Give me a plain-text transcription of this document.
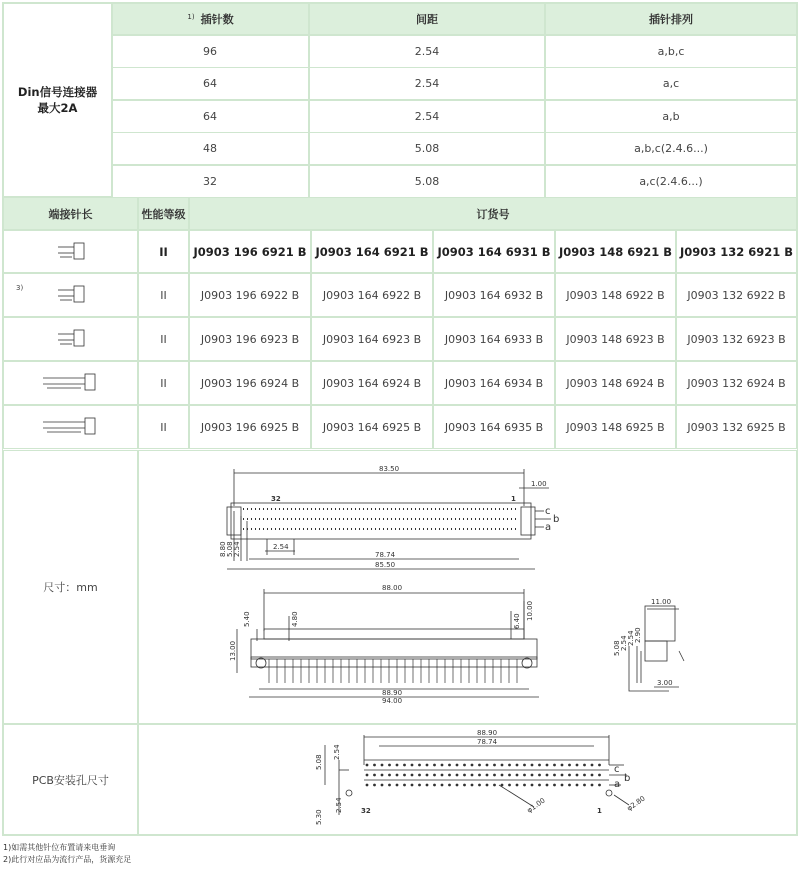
Din信号连接器
最大2A
1) 插针数	间距	插针排列
端接针长	性能等级	订货号
尺寸：mm
83.50
1.00
32	1
c
b
a
8.80 5.08 2.54	2.54
78.74
85.50
88.00
5.40	4.80	6.40
10.00
13.00
88.90
94.00
11.00
5.08 2.54 2.54 2.90
3.00
PCB安装孔尺寸
88.90
78.74
5.08
2.54
5.30
2.54	φ1.00	φ2.80
32	1
c
b
a
96	2.54	a,b,c
64	2.54	a,c
64	2.54	a,b
48	5.08	a,b,c(2.4.6...)
32	5.08	a,c(2.4.6...)
II	J0903 196 6921 B J0903 164 6921 B J0903 164 6931 B J0903 148 6921 B J0903 132 6921 B
3)
II	J0903 196 6922 B	J0903 164 6922 B	J0903 164 6932 B	J0903 148 6922 B	J0903 132 6922 B
II	J0903 196 6923 B	J0903 164 6923 B	J0903 164 6933 B	J0903 148 6923 B	J0903 132 6923 B
II	J0903 196 6924 B	J0903 164 6924 B	J0903 164 6934 B	J0903 148 6924 B	J0903 132 6924 B
II	J0903 196 6925 B	J0903 164 6925 B	J0903 164 6935 B	J0903 148 6925 B	J0903 132 6925 B
1)如需其他针位布置请来电垂询
2)此行对应品为流行产品，货源充足
